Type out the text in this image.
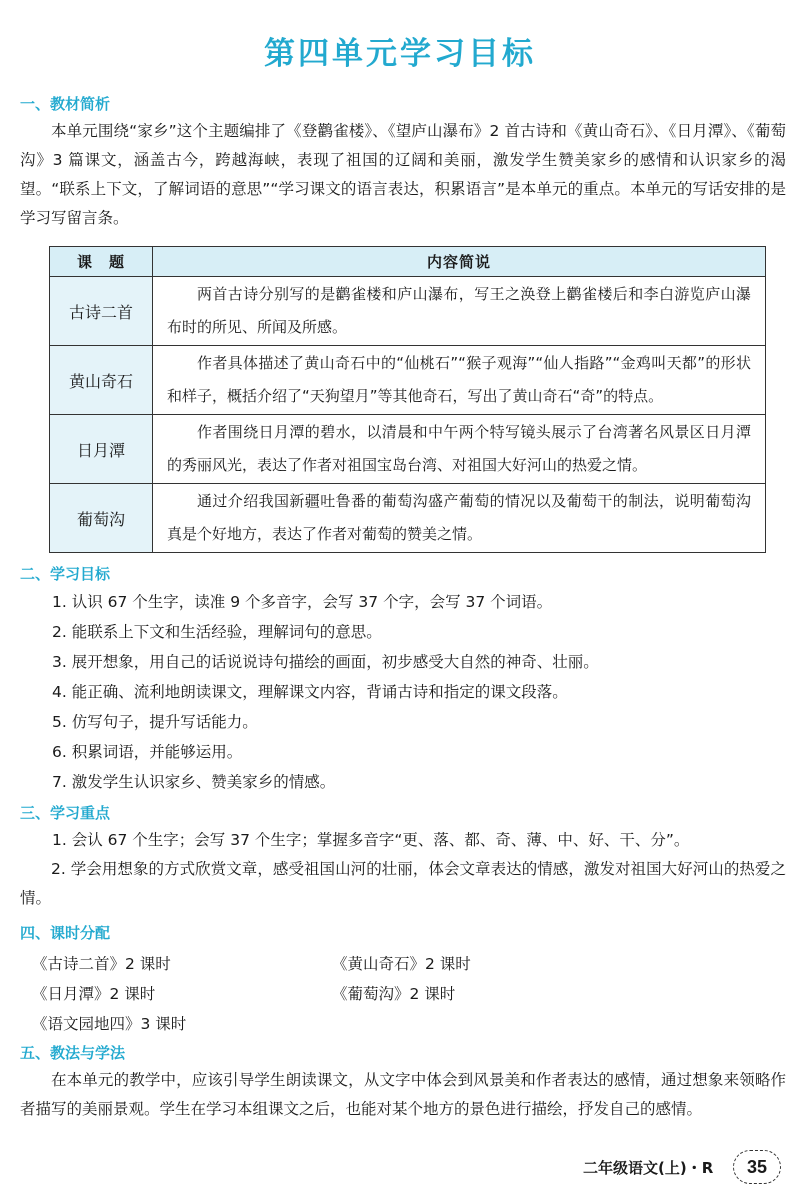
第四单元学习目标
一、教材简析
本单元围绕“家乡”这个主题编排了《登鹳雀楼》、《望庐山瀑布》2 首古诗和《黄山奇石》、《日月潭》、《葡萄沟》3 篇课文，涵盖古今，跨越海峡，表现了祖国的辽阔和美丽，激发学生赞美家乡的感情和认识家乡的渴望。“联系上下文，了解词语的意思”“学习课文的语言表达，积累语言”是本单元的重点。本单元的写话安排的是学习写留言条。
课　题	内容简说
古诗二首	两首古诗分别写的是鹳雀楼和庐山瀑布，写王之涣登上鹳雀楼后和李白游览庐山瀑布时的所见、所闻及所感。
黄山奇石	作者具体描述了黄山奇石中的“仙桃石”“猴子观海”“仙人指路”“金鸡叫天都”的形状和样子，概括介绍了“天狗望月”等其他奇石，写出了黄山奇石“奇”的特点。
日月潭	作者围绕日月潭的碧水，以清晨和中午两个特写镜头展示了台湾著名风景区日月潭的秀丽风光，表达了作者对祖国宝岛台湾、对祖国大好河山的热爱之情。
葡萄沟	通过介绍我国新疆吐鲁番的葡萄沟盛产葡萄的情况以及葡萄干的制法，说明葡萄沟真是个好地方，表达了作者对葡萄的赞美之情。
二、学习目标
1. 认识 67 个生字，读准 9 个多音字，会写 37 个字，会写 37 个词语。
2. 能联系上下文和生活经验，理解词句的意思。
3. 展开想象，用自己的话说说诗句描绘的画面，初步感受大自然的神奇、壮丽。
4. 能正确、流利地朗读课文，理解课文内容，背诵古诗和指定的课文段落。
5. 仿写句子，提升写话能力。
6. 积累词语，并能够运用。
7. 激发学生认识家乡、赞美家乡的情感。
三、学习重点
1. 会认 67 个生字；会写 37 个生字；掌握多音字“更、落、都、奇、薄、中、好、干、分”。
2. 学会用想象的方式欣赏文章，感受祖国山河的壮丽，体会文章表达的情感，激发对祖国大好河山的热爱之情。
四、课时分配
《古诗二首》2 课时	《黄山奇石》2 课时
《日月潭》2 课时	《葡萄沟》2 课时
《语文园地四》3 课时
五、教法与学法
在本单元的教学中，应该引导学生朗读课文，从文字中体会到风景美和作者表达的感情，通过想象来领略作者描写的美丽景观。学生在学习本组课文之后，也能对某个地方的景色进行描绘，抒发自己的感情。
二年级语文(上)・R 35
